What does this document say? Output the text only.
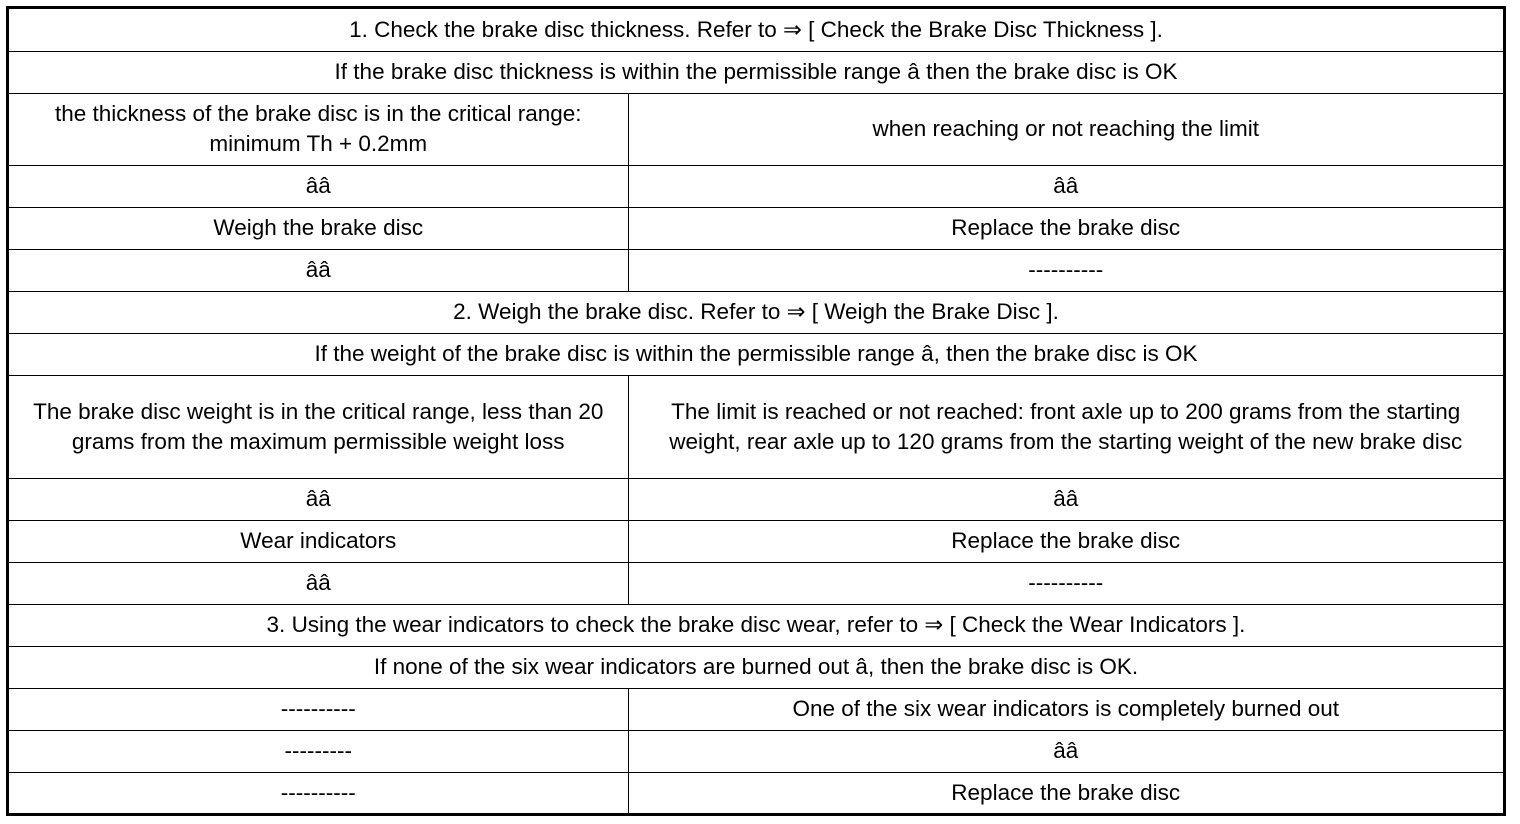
1. Check the brake disc thickness. Refer to ⇒ [ Check the Brake Disc Thickness ].	
If the brake disc thickness is within the permissible range â then the brake disc is OK	
the thickness of the brake disc is in the critical range: minimum Th + 0.2mm	when reaching or not reaching the limit
ââ	ââ
Weigh the brake disc	Replace the brake disc
ââ	----------
2. Weigh the brake disc. Refer to ⇒ [ Weigh the Brake Disc ].	
If the weight of the brake disc is within the permissible range â, then the brake disc is OK	
The brake disc weight is in the critical range, less than 20 grams from the maximum permissible weight loss	The limit is reached or not reached: front axle up to 200 grams from the starting weight, rear axle up to 120 grams from the starting weight of the new brake disc
ââ	ââ
Wear indicators	Replace the brake disc
ââ	----------
3. Using the wear indicators to check the brake disc wear, refer to ⇒ [ Check the Wear Indicators ].	
If none of the six wear indicators are burned out â, then the brake disc is OK.	
----------	One of the six wear indicators is completely burned out
---------	ââ
----------	Replace the brake disc
